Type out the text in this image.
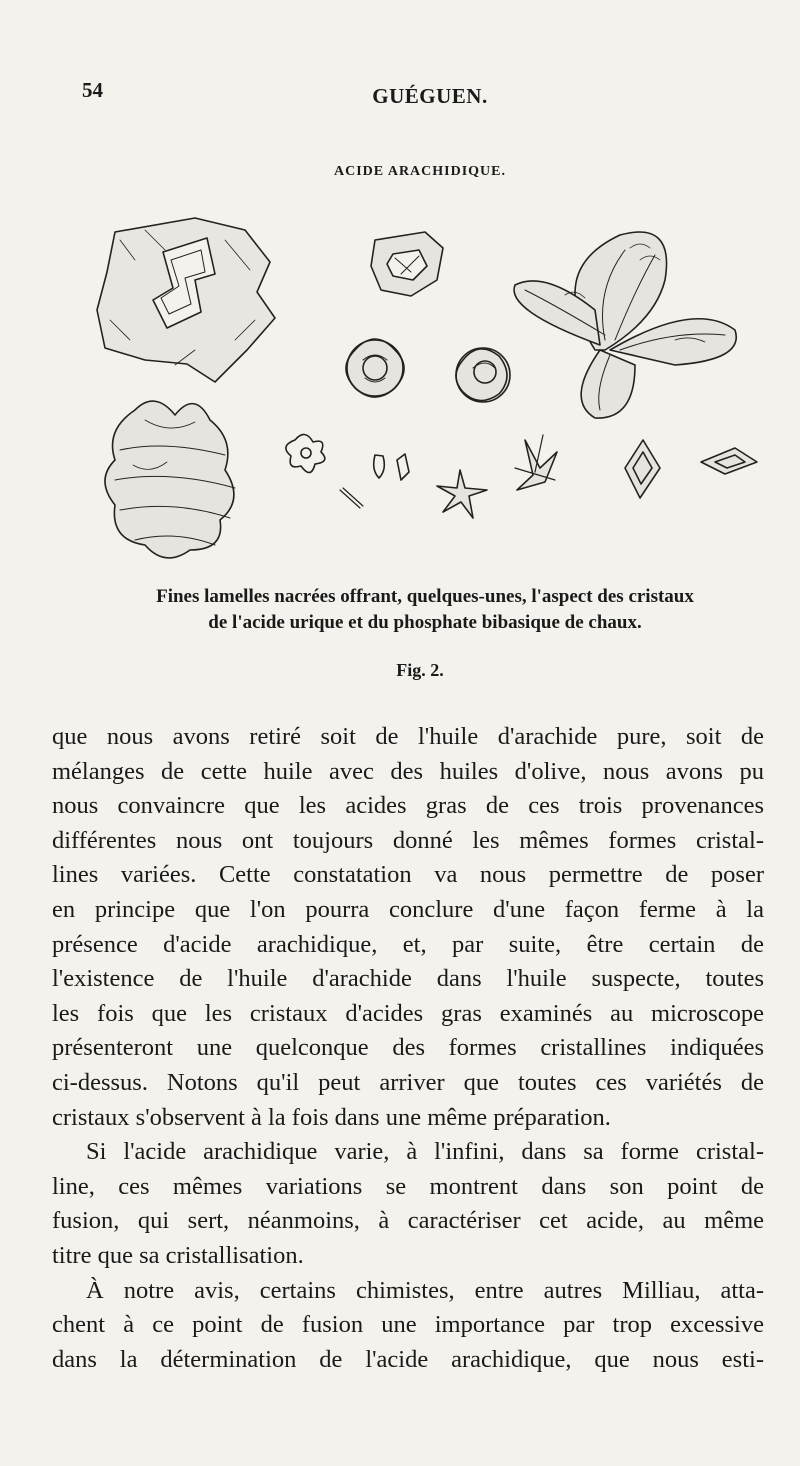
54	GUÉGUEN.
ACIDE ARACHIDIQUE.
Fines lamelles nacrées offrant, quelques-unes, l'aspect des cristaux
de l'acide urique et du phosphate bibasique de chaux.
Fig. 2.

que nous avons retiré soit de l'huile d'arachide pure, soit de
mélanges de cette huile avec des huiles d'olive, nous avons pu
nous convaincre que les acides gras de ces trois provenances
différentes nous ont toujours donné les mêmes formes cristal-
lines variées. Cette constatation va nous permettre de poser
en principe que l'on pourra conclure d'une façon ferme à la
présence d'acide arachidique, et, par suite, être certain de
l'existence de l'huile d'arachide dans l'huile suspecte, toutes
les fois que les cristaux d'acides gras examinés au microscope
présenteront une quelconque des formes cristallines indiquées
ci-dessus. Notons qu'il peut arriver que toutes ces variétés de
cristaux s'observent à la fois dans une même préparation.

Si l'acide arachidique varie, à l'infini, dans sa forme cristal-
line, ces mêmes variations se montrent dans son point de
fusion, qui sert, néanmoins, à caractériser cet acide, au même
titre que sa cristallisation.

À notre avis, certains chimistes, entre autres Milliau, atta-
chent à ce point de fusion une importance par trop excessive
dans la détermination de l'acide arachidique, que nous esti-
